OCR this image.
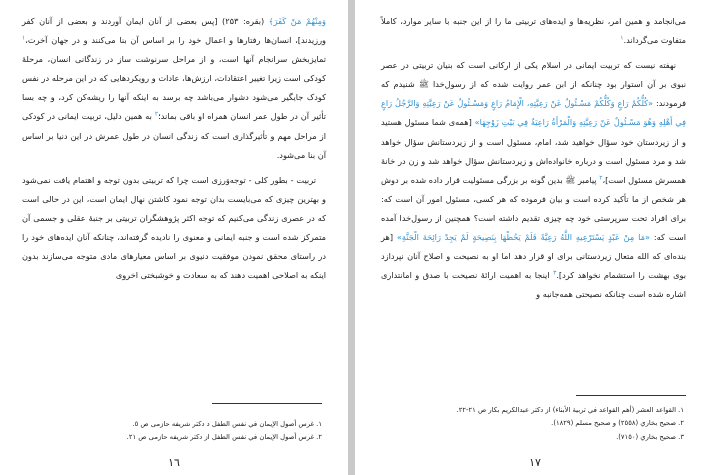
وَمِنْهُمْ مَنْ كَفَرَ﴾ (بقره: ۲۵۳) [پس بعضی از آنان ایمان آوردند و بعضی از آنان کفر ورزیدند]، انسان‌ها رفتارها و اعمال خود را بر اساس آن بنا می‌کنند و در جهان آخرت،$^١$ تمایزبخش سرانجام آنها است، و از مراحل سرنوشت ساز در زندگانی انسان، مرحلهٔ کودکی است زیرا تغییر اعتقادات، ارزش‌ها، عادات و رویکردهایی که در این مرحله در نفس کودک جایگیر می‌شود دشوار می‌باشد چه برسد به اینکه آنها را ریشه‌کن کرد، و چه بسا تأثیر آن در طول عمر انسان همراه او باقی بماند؛$^٢$ به همین دلیل، تربیت ایمانی در کودکی از مراحل مهم و تأثیرگذاری است که زندگی انسان در طول عمرش در این دنیا بر اساس آن بنا می‌شود.

تربیت - بطور کلی - توجه‌وَرزی است چرا که تربیتی بدون توجه و اهتمام یافت نمی‌شود و بهترین چیزی که می‌بایست بدان توجه نمود کاشتن نهال ایمان است، این در حالی است که در عصری زندگی می‌کنیم که توجه اکثر پژوهشگران تربیتی بر جنبهٔ عقلی و جسمی آن متمرکز شده است و جنبه ایمانی و معنوی را نادیده گرفته‌اند، چنانکه آنان ایده‌های خود را در راستای محقق نمودن موفقیت دنیوی بر اساس معیارهای مادی متوجه می‌سازند بدون اینکه به اصلاحی اهمیت دهند که به سعادت و خوشبختی اخروی

١. غرس أصول الإيمان في نفس الطفل د دكتر شريفه حازمى ص ٥.
٢. غرس أصول الإيمان في نفس الطفل از دكتر شريفه حازمى ص ٢١.
١٦

می‌انجامد و همین امر، نظریه‌ها و ایده‌های تربیتی ما را از این جنبه با سایر موارد، کاملاً متفاوت می‌گرداند.$^١$

نهفته نیست که تربیت ایمانی در اسلام یکی از ارکانی است که بنیان تربیتی در عصر نبوی بر آن استوار بود چنانکه از ابن عمر روایت شده که از رسول‌خدا ﷺ شنیدم که فرمودند: «كُلُّكُمْ رَاعٍ وَكُلُّكُمْ مَسْـئُولٌ عَنْ رَعِيَّتِهِ، الْإِمَامُ رَاعٍ وَمَسْـئُولٌ عَنْ رَعِيَّتِهِ وَالرَّجُلُ رَاعٍ فِي أَهْلِهِ وَهُوَ مَسْـئُولٌ عَنْ رَعِيَّتِهِ وَالْمَرْأَةُ رَاعِيَةٌ فِي بَيْتِ زَوْجِهَا» [همه‌ی شما مسئول هستید و از زیردستان خود سؤال خواهید شد، امام، مسئول است و از زیردستانش سؤال خواهد شد و مرد مسئول است و درباره خانواده‌اش و زیردستانش سؤال خواهد شد و زن در خانهٔ همسرش مسئول است]،$^٢$ پیامبر ﷺ بدین گونه بر بزرگی مسئولیت قرار داده شده بر دوش هر شخص از ما تأکید کرده است و بیان فرموده که هر کسی، مسئول امور آن است که: برای افراد تحت سرپرستی خود چه چیزی تقدیم داشته است؟ همچنین از رسول‌خدا آمده است که: «مَا مِنْ عَبْدٍ يَسْتَرْعِيهِ اللَّهُ رَعِيَّةً فَلَمْ يَحُطْهَا بِنَصِيحَةٍ لَمْ يَجِدْ رَائِحَةَ الْجَنَّةِ» [هر بنده‌ای که الله متعال زیردستانی برای او قرار دهد اما او به نصیحت و اصلاح آنان نپردازد بوی بهشت را استشمام نخواهد کرد].$^٣$ اینجا به اهمیت ارائهٔ نصیحت با صدق و امانتداری اشاره شده است چنانکه نصیحتی همه‌جانبه و

١. القواعد العشر (أهم القواعد في تربية الأبناء) از دكتر عبدالكريم بكار ص ٢١-٢٢.
٢. صحيح بخاري (٢٥٥٨) و صحيح مسلم (١٨٢٩).
٣. صحيح بخاري (٧١٥٠).
١٧
